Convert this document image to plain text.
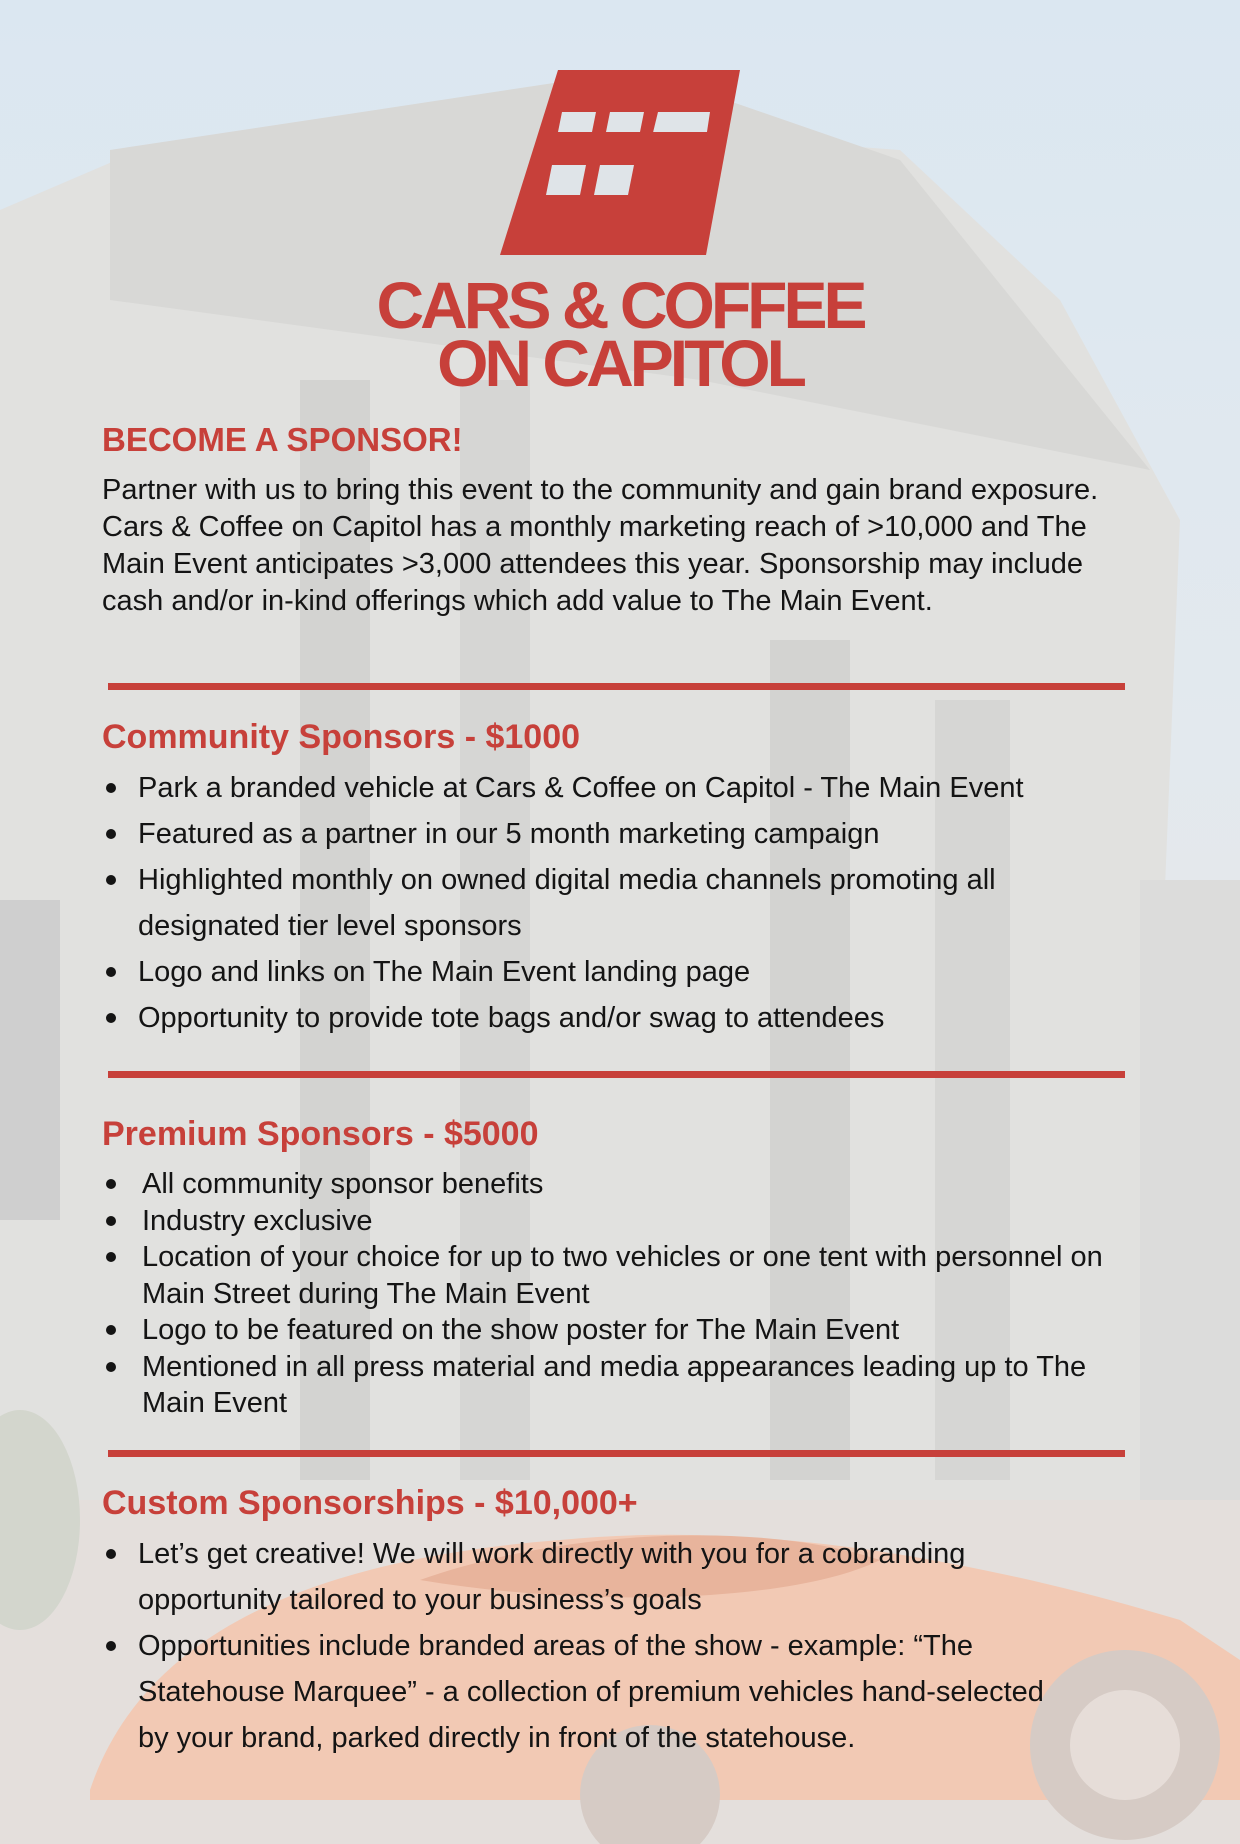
CARS & COFFEE
ON CAPITOL
BECOME A SPONSOR!

Partner with us to bring this event to the community and gain brand exposure. Cars & Coffee on Capitol has a monthly marketing reach of >10,000 and The Main Event anticipates >3,000 attendees this year. Sponsorship may include cash and/or in-kind offerings which add value to The Main Event.

Community Sponsors - $1000
Park a branded vehicle at Cars & Coffee on Capitol - The Main Event
Featured as a partner in our 5 month marketing campaign
Highlighted monthly on owned digital media channels promoting all designated tier level sponsors
Logo and links on The Main Event landing page
Opportunity to provide tote bags and/or swag to attendees
Premium Sponsors - $5000
All community sponsor benefits
Industry exclusive
Location of your choice for up to two vehicles or one tent with personnel on Main Street during The Main Event
Logo to be featured on the show poster for The Main Event
Mentioned in all press material and media appearances leading up to The Main Event
Custom Sponsorships - $10,000+
Let’s get creative! We will work directly with you for a cobranding opportunity tailored to your business’s goals
Opportunities include branded areas of the show - example: “The Statehouse Marquee” - a collection of premium vehicles hand-selected by your brand, parked directly in front of the statehouse.
